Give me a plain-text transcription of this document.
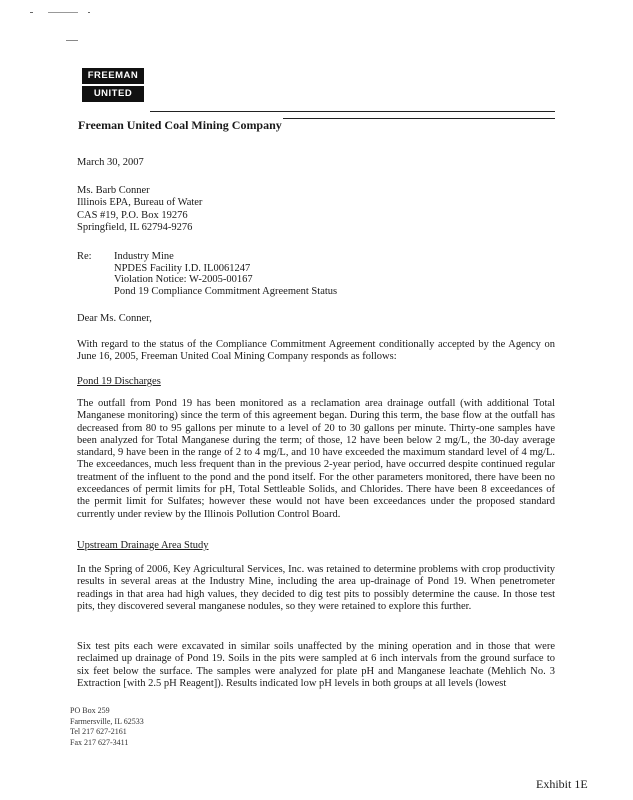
FREEMAN
UNITED
Freeman United Coal Mining Company
March 30, 2007
Ms. Barb Conner
Illinois EPA, Bureau of Water
CAS #19, P.O. Box 19276
Springfield, IL 62794-9276
Re: Industry Mine
NPDES Facility I.D. IL0061247
Violation Notice: W-2005-00167
Pond 19 Compliance Commitment Agreement Status
Dear Ms. Conner,
With regard to the status of the Compliance Commitment Agreement conditionally accepted by the Agency on June 16, 2005, Freeman United Coal Mining Company responds as follows:
Pond 19 Discharges
The outfall from Pond 19 has been monitored as a reclamation area drainage outfall (with additional Total Manganese monitoring) since the term of this agreement began. During this term, the base flow at the outfall has decreased from 80 to 95 gallons per minute to a level of 20 to 30 gallons per minute. Thirty-one samples have been analyzed for Total Manganese during the term; of those, 12 have been below 2 mg/L, the 30-day average standard, 9 have been in the range of 2 to 4 mg/L, and 10 have exceeded the maximum standard level of 4 mg/L. The exceedances, much less frequent than in the previous 2-year period, have occurred despite continued regular treatment of the influent to the pond and the pond itself. For the other parameters monitored, there have been no exceedances of permit limits for pH, Total Settleable Solids, and Chlorides. There have been 8 exceedances of the permit limit for Sulfates; however these would not have been exceedances under the proposed standard currently under review by the Illinois Pollution Control Board.
Upstream Drainage Area Study
In the Spring of 2006, Key Agricultural Services, Inc. was retained to determine problems with crop productivity results in several areas at the Industry Mine, including the area up-drainage of Pond 19. When penetrometer readings in that area had high values, they decided to dig test pits to possibly determine the cause. In those test pits, they discovered several manganese nodules, so they were retained to explore this further.
Six test pits each were excavated in similar soils unaffected by the mining operation and in those that were reclaimed up drainage of Pond 19. Soils in the pits were sampled at 6 inch intervals from the ground surface to six feet below the surface. The samples were analyzed for plate pH and Manganese leachate (Mehlich No. 3 Extraction [with 2.5 pH Reagent]). Results indicated low pH levels in both groups at all levels (lowest
PO Box 259
Farmersville, IL 62533
Tel 217 627-2161
Fax 217 627-3411
Exhibit 1E
